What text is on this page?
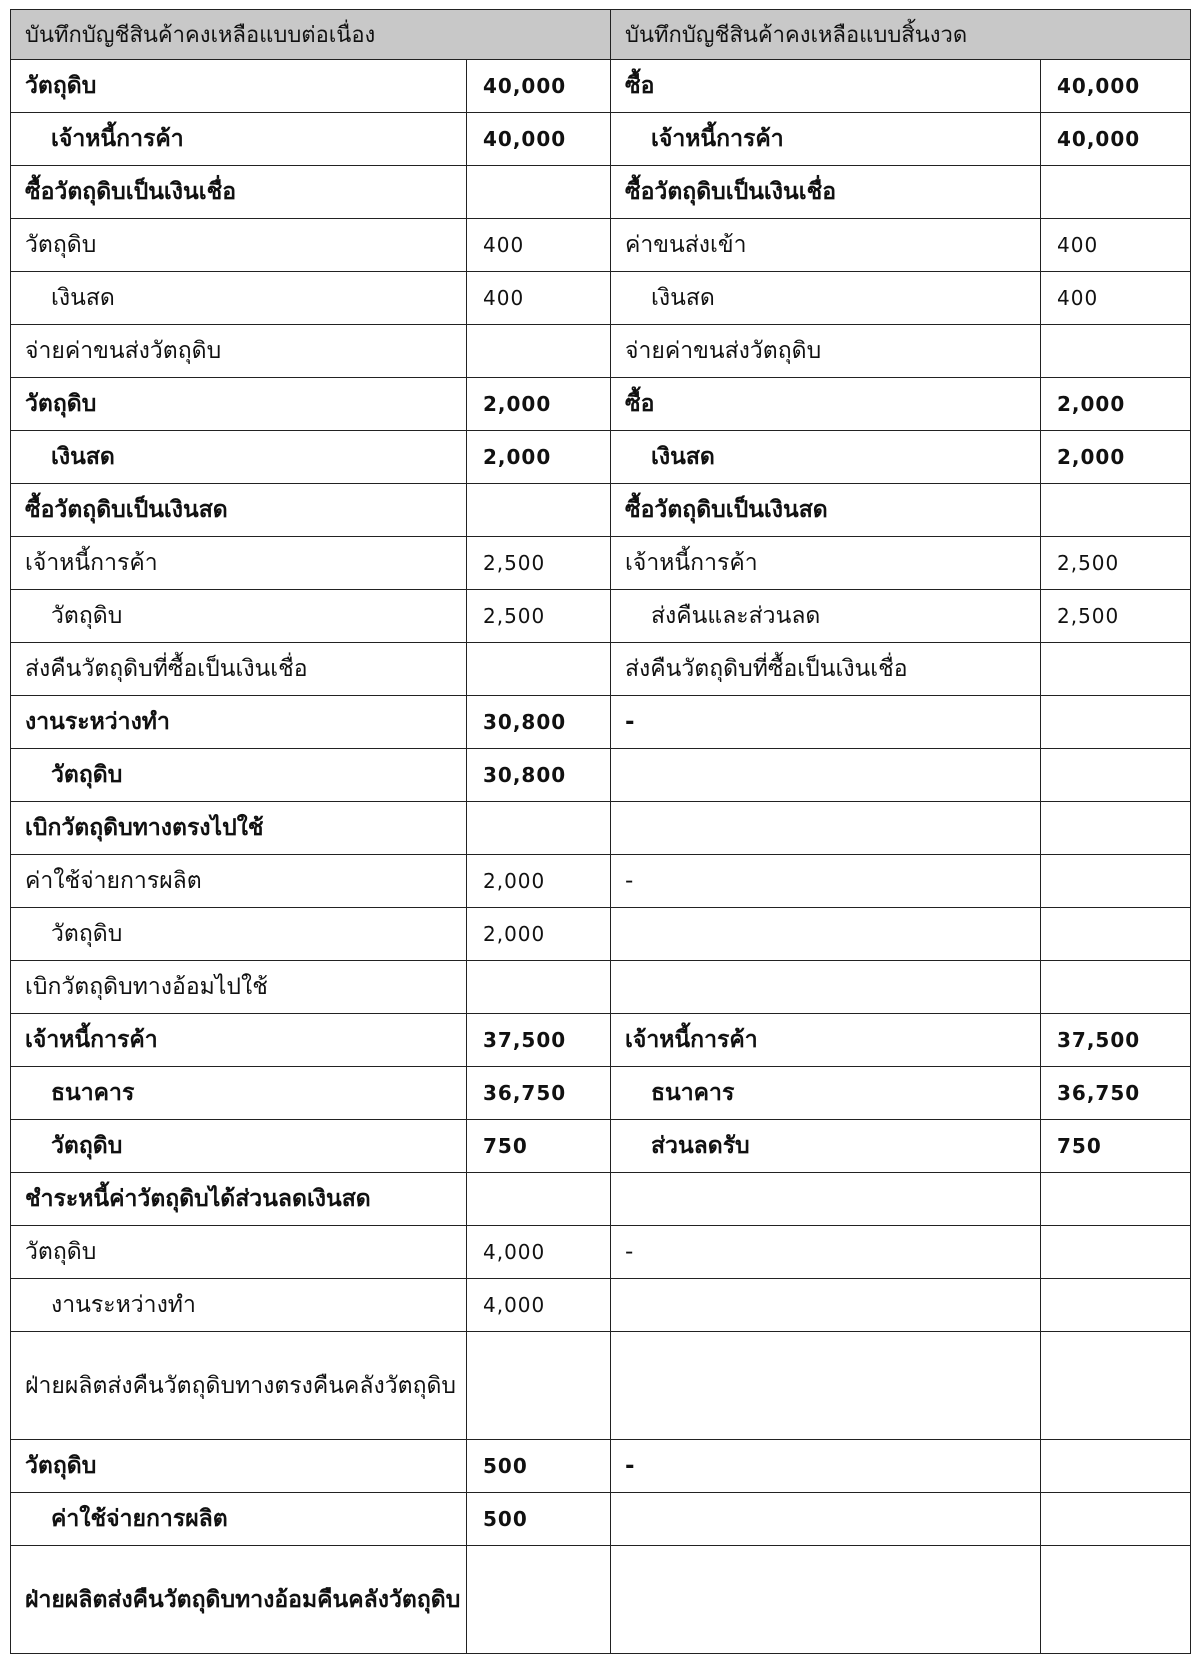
บันทึกบัญชีสินค้าคงเหลือแบบต่อเนื่อง		บันทึกบัญชีสินค้าคงเหลือแบบสิ้นงวด	
วัตถุดิบ	40,000	ซื้อ	40,000
เจ้าหนี้การค้า	40,000	เจ้าหนี้การค้า	40,000
ซื้อวัตถุดิบเป็นเงินเชื่อ		ซื้อวัตถุดิบเป็นเงินเชื่อ	
วัตถุดิบ	400	ค่าขนส่งเข้า	400
เงินสด	400	เงินสด	400
จ่ายค่าขนส่งวัตถุดิบ		จ่ายค่าขนส่งวัตถุดิบ	
วัตถุดิบ	2,000	ซื้อ	2,000
เงินสด	2,000	เงินสด	2,000
ซื้อวัตถุดิบเป็นเงินสด		ซื้อวัตถุดิบเป็นเงินสด	
เจ้าหนี้การค้า	2,500	เจ้าหนี้การค้า	2,500
วัตถุดิบ	2,500	ส่งคืนและส่วนลด	2,500
ส่งคืนวัตถุดิบที่ซื้อเป็นเงินเชื่อ		ส่งคืนวัตถุดิบที่ซื้อเป็นเงินเชื่อ	
งานระหว่างทำ	30,800	-	
วัตถุดิบ	30,800		
เบิกวัตถุดิบทางตรงไปใช้			
ค่าใช้จ่ายการผลิต	2,000	-	
วัตถุดิบ	2,000		
เบิกวัตถุดิบทางอ้อมไปใช้			
เจ้าหนี้การค้า	37,500	เจ้าหนี้การค้า	37,500
ธนาคาร	36,750	ธนาคาร	36,750
วัตถุดิบ	750	ส่วนลดรับ	750
ชำระหนี้ค่าวัตถุดิบได้ส่วนลดเงินสด			
วัตถุดิบ	4,000	-	
งานระหว่างทำ	4,000		
ฝ่ายผลิตส่งคืนวัตถุดิบทางตรงคืนคลังวัตถุดิบ			
วัตถุดิบ	500	-	
ค่าใช้จ่ายการผลิต	500		
ฝ่ายผลิตส่งคืนวัตถุดิบทางอ้อมคืนคลังวัตถุดิบ			
